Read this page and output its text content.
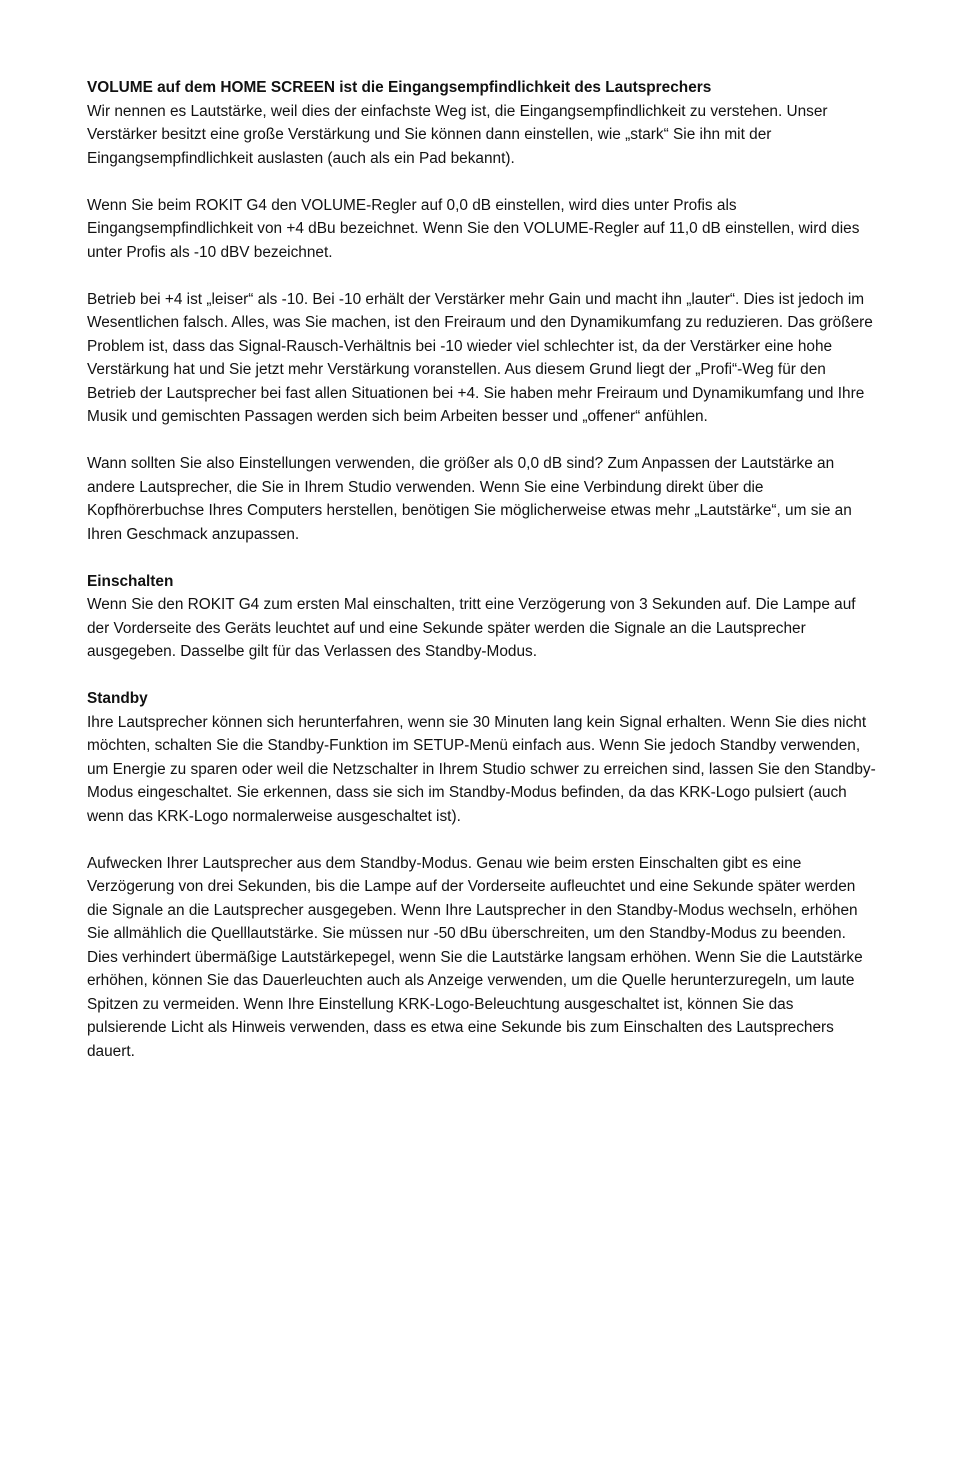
VOLUME auf dem HOME SCREEN ist die Eingangsempfindlichkeit des Lautsprechers

Wir nennen es Lautstärke, weil dies der einfachste Weg ist, die Eingangsempfindlichkeit zu verstehen. Unser Verstärker besitzt eine große Verstärkung und Sie können dann einstellen, wie „stark“ Sie ihn mit der Eingangsempfindlichkeit auslasten (auch als ein Pad bekannt).

Wenn Sie beim ROKIT G4 den VOLUME-Regler auf 0,0 dB einstellen, wird dies unter Profis als Eingangsempfindlichkeit von +4 dBu bezeichnet. Wenn Sie den VOLUME-Regler auf 11,0 dB einstellen, wird dies unter Profis als -10 dBV bezeichnet.

Betrieb bei +4 ist „leiser“ als -10. Bei -10 erhält der Verstärker mehr Gain und macht ihn „lauter“. Dies ist jedoch im Wesentlichen falsch. Alles, was Sie machen, ist den Freiraum und den Dynamikumfang zu reduzieren. Das größere Problem ist, dass das Signal-Rausch-Verhältnis bei -10 wieder viel schlechter ist, da der Verstärker eine hohe Verstärkung hat und Sie jetzt mehr Verstärkung voranstellen. Aus diesem Grund liegt der „Profi“-Weg für den Betrieb der Lautsprecher bei fast allen Situationen bei +4. Sie haben mehr Freiraum und Dynamikumfang und Ihre Musik und gemischten Passagen werden sich beim Arbeiten besser und „offener“ anfühlen.

Wann sollten Sie also Einstellungen verwenden, die größer als 0,0 dB sind? Zum Anpassen der Lautstärke an andere Lautsprecher, die Sie in Ihrem Studio verwenden. Wenn Sie eine Verbindung direkt über die Kopfhörerbuchse Ihres Computers herstellen, benötigen Sie möglicherweise etwas mehr „Lautstärke“, um sie an Ihren Geschmack anzupassen.

Einschalten

Wenn Sie den ROKIT G4 zum ersten Mal einschalten, tritt eine Verzögerung von 3 Sekunden auf. Die Lampe auf der Vorderseite des Geräts leuchtet auf und eine Sekunde später werden die Signale an die Lautsprecher ausgegeben. Dasselbe gilt für das Verlassen des Standby-Modus.

Standby

Ihre Lautsprecher können sich herunterfahren, wenn sie 30 Minuten lang kein Signal erhalten. Wenn Sie dies nicht möchten, schalten Sie die Standby-Funktion im SETUP-Menü einfach aus. Wenn Sie jedoch Standby verwenden, um Energie zu sparen oder weil die Netzschalter in Ihrem Studio schwer zu erreichen sind, lassen Sie den Standby-Modus eingeschaltet. Sie erkennen, dass sie sich im Standby-Modus befinden, da das KRK-Logo pulsiert (auch wenn das KRK-Logo normalerweise ausgeschaltet ist).

Aufwecken Ihrer Lautsprecher aus dem Standby-Modus. Genau wie beim ersten Einschalten gibt es eine Verzögerung von drei Sekunden, bis die Lampe auf der Vorderseite aufleuchtet und eine Sekunde später werden die Signale an die Lautsprecher ausgegeben. Wenn Ihre Lautsprecher in den Standby-Modus wechseln, erhöhen Sie allmählich die Quelllautstärke. Sie müssen nur -50 dBu überschreiten, um den Standby-Modus zu beenden. Dies verhindert übermäßige Lautstärkepegel, wenn Sie die Lautstärke langsam erhöhen. Wenn Sie die Lautstärke erhöhen, können Sie das Dauerleuchten auch als Anzeige verwenden, um die Quelle herunterzuregeln, um laute Spitzen zu vermeiden. Wenn Ihre Einstellung KRK-Logo-Beleuchtung ausgeschaltet ist, können Sie das pulsierende Licht als Hinweis verwenden, dass es etwa eine Sekunde bis zum Einschalten des Lautsprechers dauert.
